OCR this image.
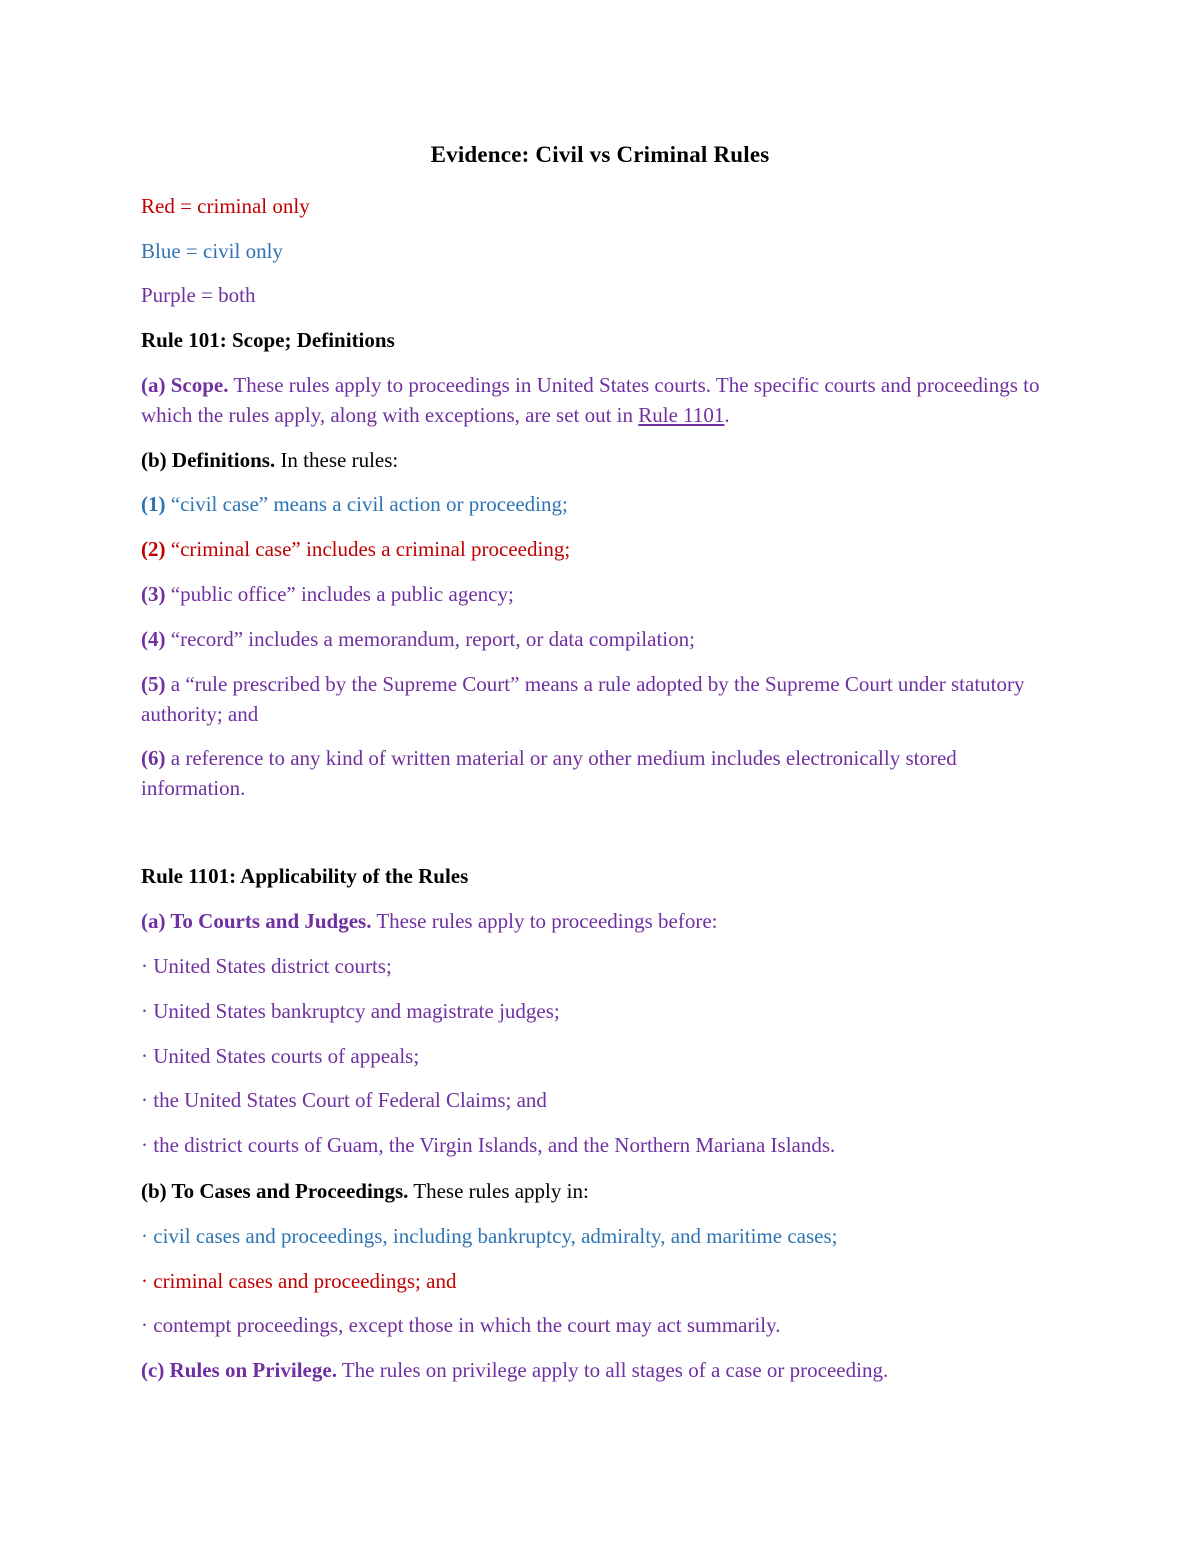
Evidence: Civil vs Criminal Rules
Red = criminal only
Blue = civil only
Purple = both
Rule 101: Scope; Definitions
(a) Scope. These rules apply to proceedings in United States courts. The specific courts and proceedings to which the rules apply, along with exceptions, are set out in Rule 1101.
(b) Definitions. In these rules:
(1) “civil case” means a civil action or proceeding;
(2) “criminal case” includes a criminal proceeding;
(3) “public office” includes a public agency;
(4) “record” includes a memorandum, report, or data compilation;
(5) a “rule prescribed by the Supreme Court” means a rule adopted by the Supreme Court under statutory authority; and
(6) a reference to any kind of written material or any other medium includes electronically stored information.
Rule 1101: Applicability of the Rules
(a) To Courts and Judges. These rules apply to proceedings before:
· United States district courts;
· United States bankruptcy and magistrate judges;
· United States courts of appeals;
· the United States Court of Federal Claims; and
· the district courts of Guam, the Virgin Islands, and the Northern Mariana Islands.
(b) To Cases and Proceedings. These rules apply in:
· civil cases and proceedings, including bankruptcy, admiralty, and maritime cases;
· criminal cases and proceedings; and
· contempt proceedings, except those in which the court may act summarily.
(c) Rules on Privilege. The rules on privilege apply to all stages of a case or proceeding.
